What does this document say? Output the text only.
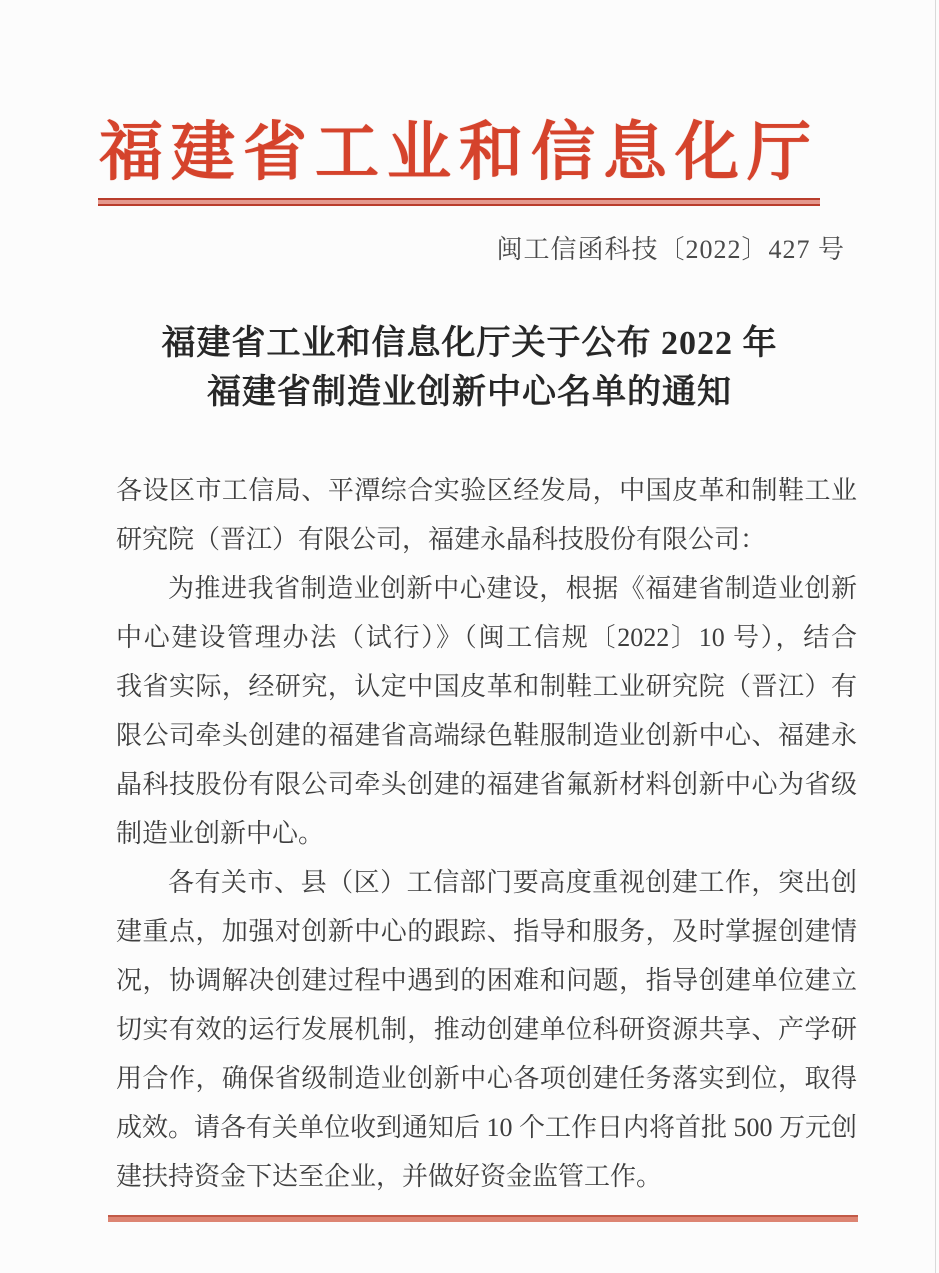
福建省工业和信息化厅
闽工信函科技〔2022〕427 号
福建省工业和信息化厅关于公布 2022 年
福建省制造业创新中心名单的通知
各设区市工信局、平潭综合实验区经发局，中国皮革和制鞋工业
研究院（晋江）有限公司，福建永晶科技股份有限公司：
为推进我省制造业创新中心建设，根据《福建省制造业创新
中心建设管理办法（试行）》（闽工信规〔2022〕10 号），结合
我省实际，经研究，认定中国皮革和制鞋工业研究院（晋江）有
限公司牵头创建的福建省高端绿色鞋服制造业创新中心、福建永
晶科技股份有限公司牵头创建的福建省氟新材料创新中心为省级
制造业创新中心。
各有关市、县（区）工信部门要高度重视创建工作，突出创
建重点，加强对创新中心的跟踪、指导和服务，及时掌握创建情
况，协调解决创建过程中遇到的困难和问题，指导创建单位建立
切实有效的运行发展机制，推动创建单位科研资源共享、产学研
用合作，确保省级制造业创新中心各项创建任务落实到位，取得
成效。请各有关单位收到通知后 10 个工作日内将首批 500 万元创
建扶持资金下达至企业，并做好资金监管工作。
